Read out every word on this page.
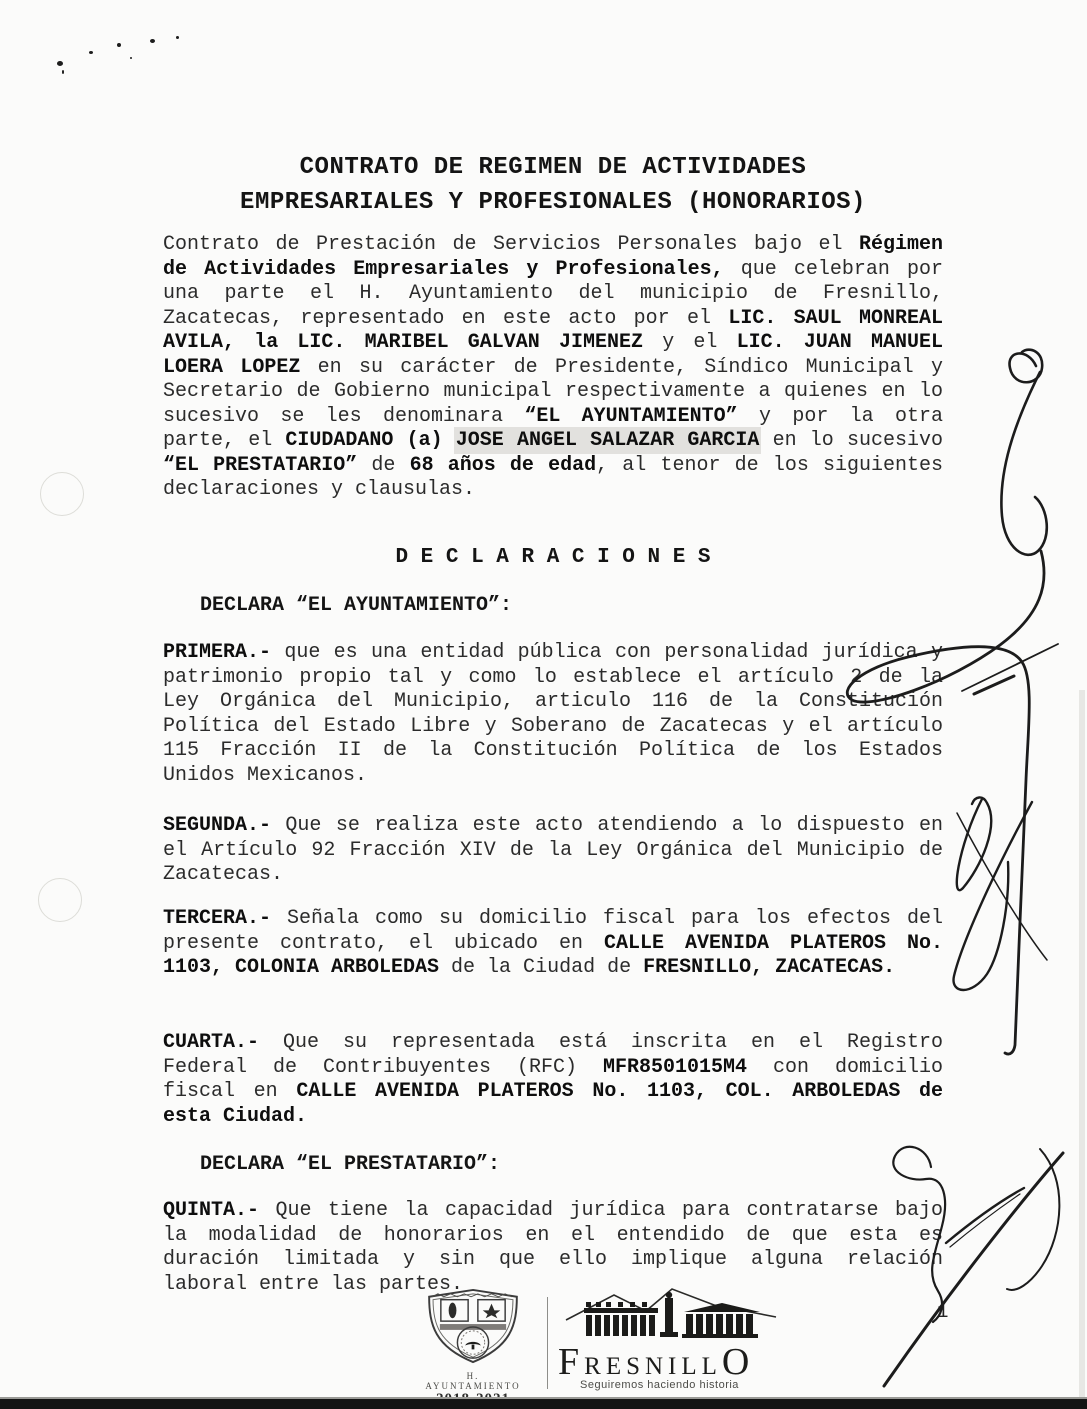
CONTRATO DE REGIMEN DE ACTIVIDADES
EMPRESARIALES Y PROFESIONALES (HONORARIOS)
Contrato de Prestación de Servicios Personales bajo el Régimen de Actividades Empresariales y Profesionales, que celebran por una parte el H. Ayuntamiento del municipio de Fresnillo, Zacatecas, representado en este acto por el LIC. SAUL MONREAL AVILA, la LIC. MARIBEL GALVAN JIMENEZ y el LIC. JUAN MANUEL LOERA LOPEZ en su carácter de Presidente, Síndico Municipal y Secretario de Gobierno municipal respectivamente a quienes en lo sucesivo se les denominara “EL AYUNTAMIENTO” y por la otra parte, el CIUDADANO (a) JOSE ANGEL SALAZAR GARCIA en lo sucesivo “EL PRESTATARIO” de 68 años de edad, al tenor de los siguientes declaraciones y clausulas.
D E C L A R A C I O N E S
DECLARA “EL AYUNTAMIENTO”:
PRIMERA.- que es una entidad pública con personalidad jurídica y patrimonio propio tal y como lo establece el artículo 2 de la Ley Orgánica del Municipio, articulo 116 de la Constitución Política del Estado Libre y Soberano de Zacatecas y el artículo 115 Fracción II de la Constitución Política de los Estados Unidos Mexicanos.
SEGUNDA.- Que se realiza este acto atendiendo a lo dispuesto en el Artículo 92 Fracción XIV de la Ley Orgánica del Municipio de Zacatecas.
TERCERA.- Señala como su domicilio fiscal para los efectos del presente contrato, el ubicado en CALLE AVENIDA PLATEROS No. 1103, COLONIA ARBOLEDAS de la Ciudad de FRESNILLO, ZACATECAS.
CUARTA.- Que su representada está inscrita en el Registro Federal de Contribuyentes (RFC) MFR8501015M4 con domicilio fiscal en CALLE AVENIDA PLATEROS No. 1103, COL. ARBOLEDAS de esta Ciudad.
DECLARA “EL PRESTATARIO”:
QUINTA.- Que tiene la capacidad jurídica para contratarse bajo la modalidad de honorarios en el entendido de que esta es duración limitada y sin que ello implique alguna relación laboral entre las partes.
H. AYUNTAMIENTO
FRESNILLO
Seguiremos haciendo historia
1
